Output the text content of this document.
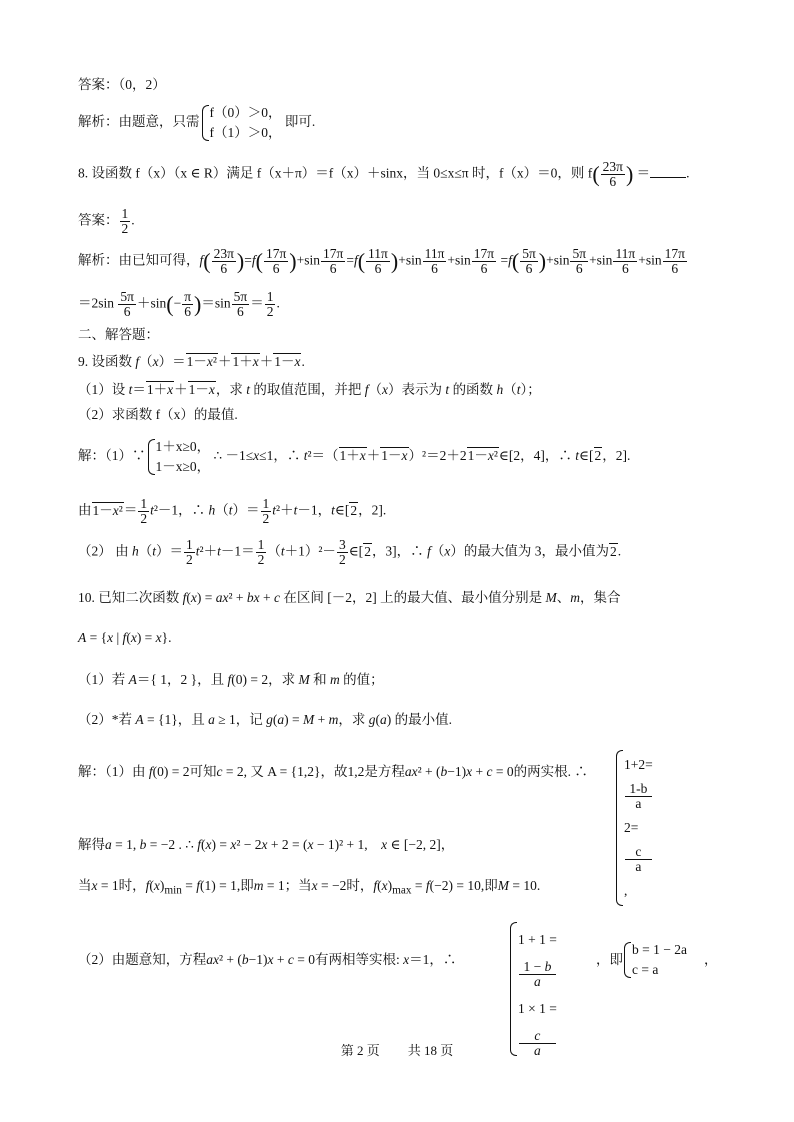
答案：（0，2）
解析：由题意，只需
f（0）＞0，
f（1）＞0，
即可.
8. 设函数 f（x）（x ∈ R）满足 f（x＋π）＝f（x）＋sinx，当 0≤x≤π 时，f（x）＝0，则 $f( \frac{23\pi}{6}$ ) ＝	.
答案： $\frac{1}{2}$ .
解析：由已知可得，$f( \frac{23\pi}{6} )=f( \frac{17\pi}{6} )+\sin \frac{17\pi}{6} =f( \frac{11\pi}{6} )+\sin \frac{11\pi}{6} +\sin \frac{17\pi}{6} =f( \frac{5\pi}{6} )+\sin \frac{5\pi}{6} +\sin \frac{11\pi}{6} +\sin \frac{17\pi}{6}$
$=2\sin \frac{5\pi}{6} +\sin(- \frac{\pi}{6} )=\sin \frac{5\pi}{6} = \frac{1}{2}$ .
二、解答题：
9. 设函数 f（x）＝1－x²＋1＋x＋1－x.
（1）设 t＝1＋x＋1－x，求 t 的取值范围，并把 f（x）表示为 t 的函数 h（t）；
（2）求函数 f（x）的最值.
解：（1）∵
1＋x≥0，
1－x≥0，
∴ －1≤x≤1，∴ t²＝（1＋x＋1－x）²＝2＋21－x²∈[2，4]，∴ t∈[2，2].
由$1-x^2= \frac{1}{2} t^2-1$，∴ $h(t)= \frac{1}{2} t^2+t-1$，t∈[2，2].
（2） 由 $h(t)= \frac{1}{2} t^2+t-1= \frac{1}{2} (t+1)^2- \frac{3}{2}$ ∈[2，3]，∴ f（x）的最大值为 3，最小值为2.
10. 已知二次函数 f(x) = ax² + bx + c 在区间 [－2，2] 上的最大值、最小值分别是 M、m，集合
A = {x | f(x) = x}.
（1）若 A＝{ 1，2 }，且 f(0) = 2，求 M 和 m 的值；
（2）*若 A = {1}，且 a ≥ 1，记 g(a) = M + m，求 g(a) 的最小值.
解：（1）由 f(0) = 2可知c = 2, 又 A = {1,2}，故1,2是方程ax² + (b−1)x + c = 0的两实根. ∴	1+2=
1-b
a
2=
c
a
,
解得a = 1, b = −2 . ∴ f(x) = x² − 2x + 2 = (x − 1)² + 1,    x ∈ [−2, 2]，
当x = 1时，$f(x)_{min} = f(1) = 1$,即m = 1；当x = −2时，$f(x)_{max} = f(-2) = 10$,即M = 10.
（2）由题意知，方程ax² + (b−1)x + c = 0有两相等实根: x＝1，∴
1 + 1 =
1 − b
a
1 × 1 =
c
a
，即
b = 1 − 2a
c = a
，
第 2 页 共 18 页
